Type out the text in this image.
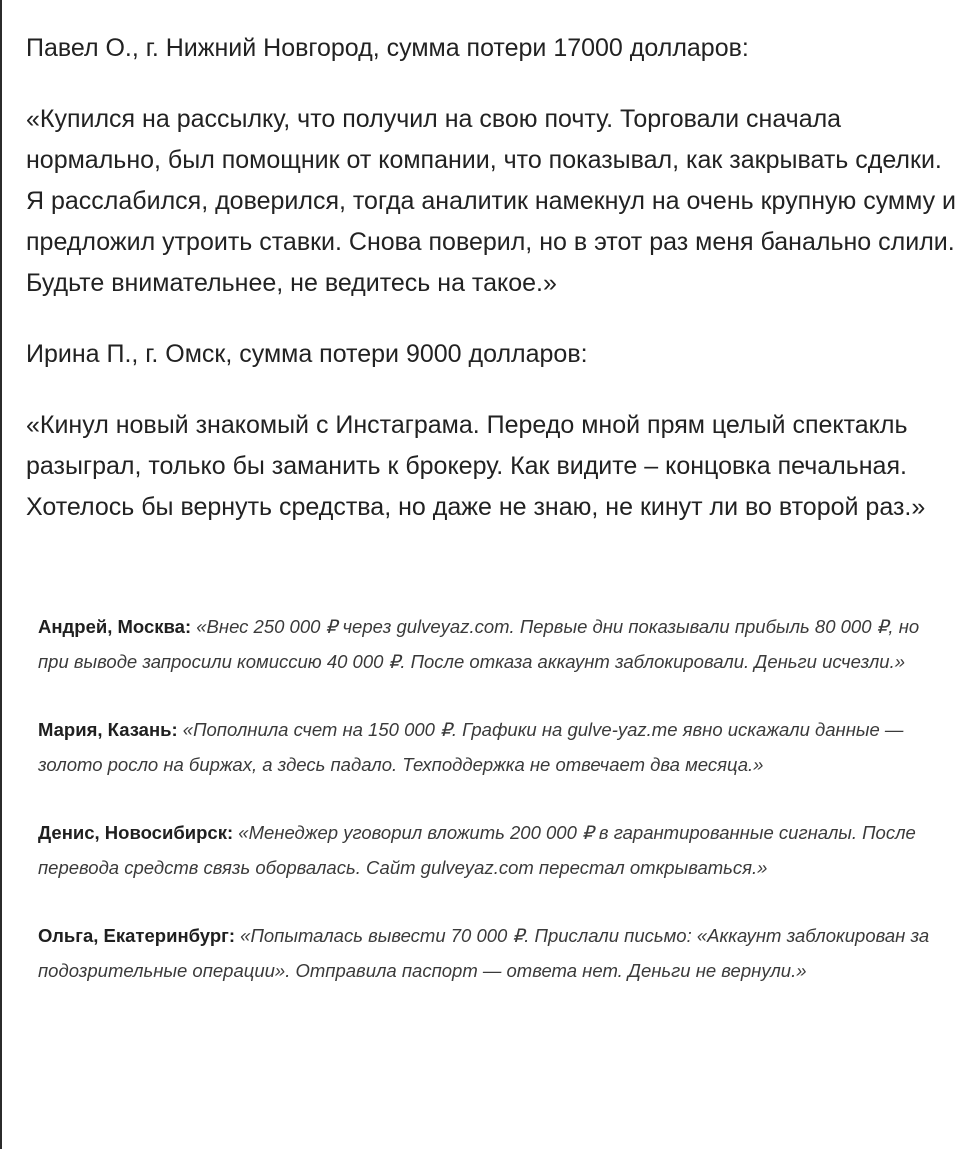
Павел О., г. Нижний Новгород, сумма потери 17000 долларов:

«Купился на рассылку, что получил на свою почту. Торговали сначала нормально, был помощник от компании, что показывал, как закрывать сделки. Я расслабился, доверился, тогда аналитик намекнул на очень крупную сумму и предложил утроить ставки. Снова поверил, но в этот раз меня банально слили. Будьте внимательнее, не ведитесь на такое.»

Ирина П., г. Омск, сумма потери 9000 долларов:

«Кинул новый знакомый с Инстаграма. Передо мной прям целый спектакль разыграл, только бы заманить к брокеру. Как видите – концовка печальная. Хотелось бы вернуть средства, но даже не знаю, не кинут ли во второй раз.»

Андрей, Москва: «Внес 250 000 ₽ через gulveyaz.com. Первые дни показывали прибыль 80 000 ₽, но при выводе запросили комиссию 40 000 ₽. После отказа аккаунт заблокировали. Деньги исчезли.»

Мария, Казань: «Пополнила счет на 150 000 ₽. Графики на gulve-yaz.me явно искажали данные — золото росло на биржах, а здесь падало. Техподдержка не отвечает два месяца.»

Денис, Новосибирск: «Менеджер уговорил вложить 200 000 ₽ в гарантированные сигналы. После перевода средств связь оборвалась. Сайт gulveyaz.com перестал открываться.»

Ольга, Екатеринбург: «Попыталась вывести 70 000 ₽. Прислали письмо: «Аккаунт заблокирован за подозрительные операции». Отправила паспорт — ответа нет. Деньги не вернули.»
